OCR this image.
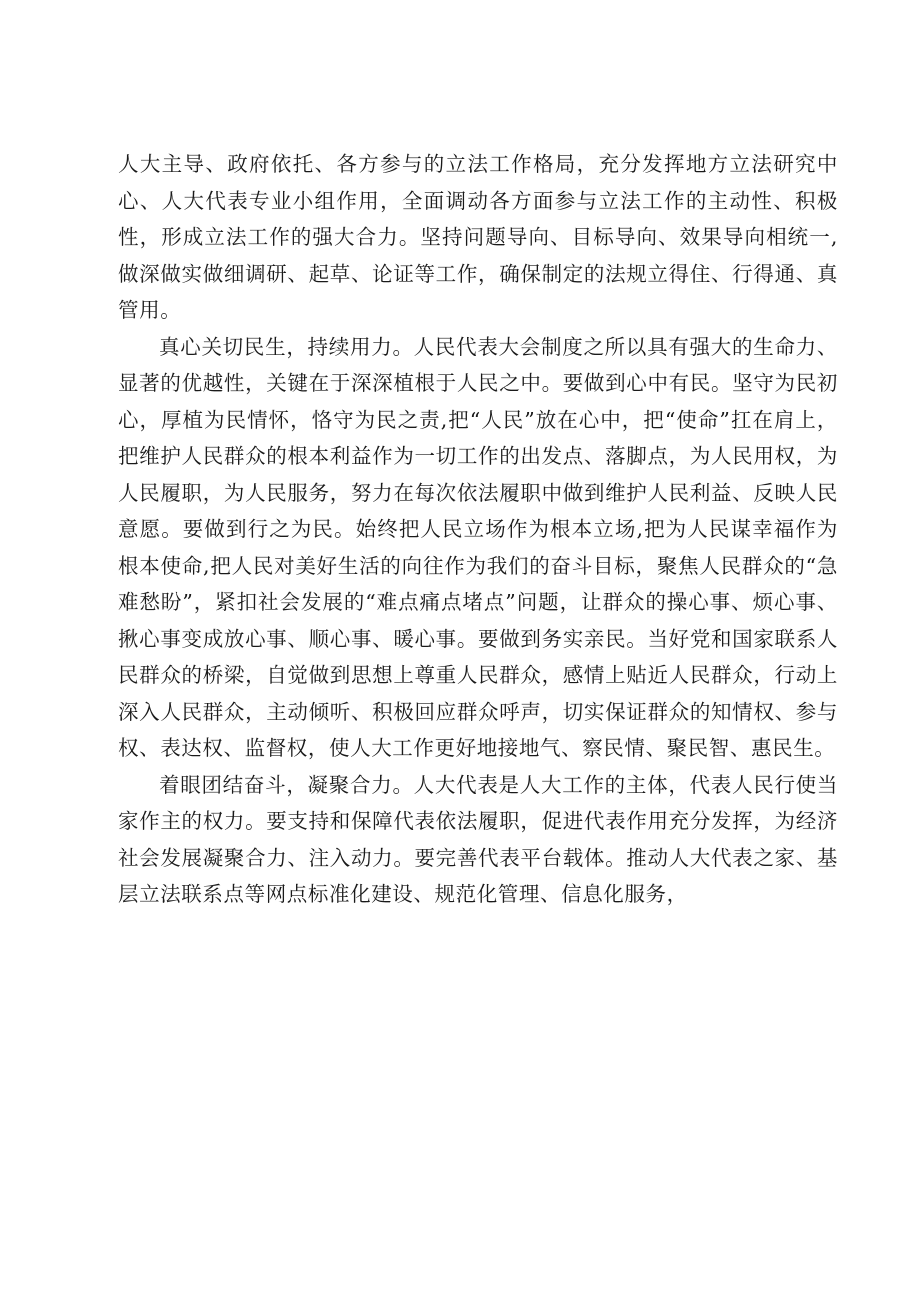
人大主导、政府依托、各方参与的立法工作格局，充分发挥地方立法研究中心、人大代表专业小组作用，全面调动各方面参与立法工作的主动性、积极性，形成立法工作的强大合力。坚持问题导向、目标导向、效果导向相统一,做深做实做细调研、起草、论证等工作，确保制定的法规立得住、行得通、真管用。

真心关切民生，持续用力。人民代表大会制度之所以具有强大的生命力、显著的优越性，关键在于深深植根于人民之中。要做到心中有民。坚守为民初心，厚植为民情怀，恪守为民之责,把“人民”放在心中，把“使命”扛在肩上，把维护人民群众的根本利益作为一切工作的出发点、落脚点，为人民用权，为人民履职，为人民服务，努力在每次依法履职中做到维护人民利益、反映人民意愿。要做到行之为民。始终把人民立场作为根本立场,把为人民谋幸福作为根本使命,把人民对美好生活的向往作为我们的奋斗目标，聚焦人民群众的“急难愁盼”，紧扣社会发展的“难点痛点堵点”问题，让群众的操心事、烦心事、揪心事变成放心事、顺心事、暖心事。要做到务实亲民。当好党和国家联系人民群众的桥梁，自觉做到思想上尊重人民群众，感情上贴近人民群众，行动上深入人民群众，主动倾听、积极回应群众呼声，切实保证群众的知情权、参与权、表达权、监督权，使人大工作更好地接地气、察民情、聚民智、惠民生。

着眼团结奋斗，凝聚合力。人大代表是人大工作的主体，代表人民行使当家作主的权力。要支持和保障代表依法履职，促进代表作用充分发挥，为经济社会发展凝聚合力、注入动力。要完善代表平台载体。推动人大代表之家、基层立法联系点等网点标准化建设、规范化管理、信息化服务，
